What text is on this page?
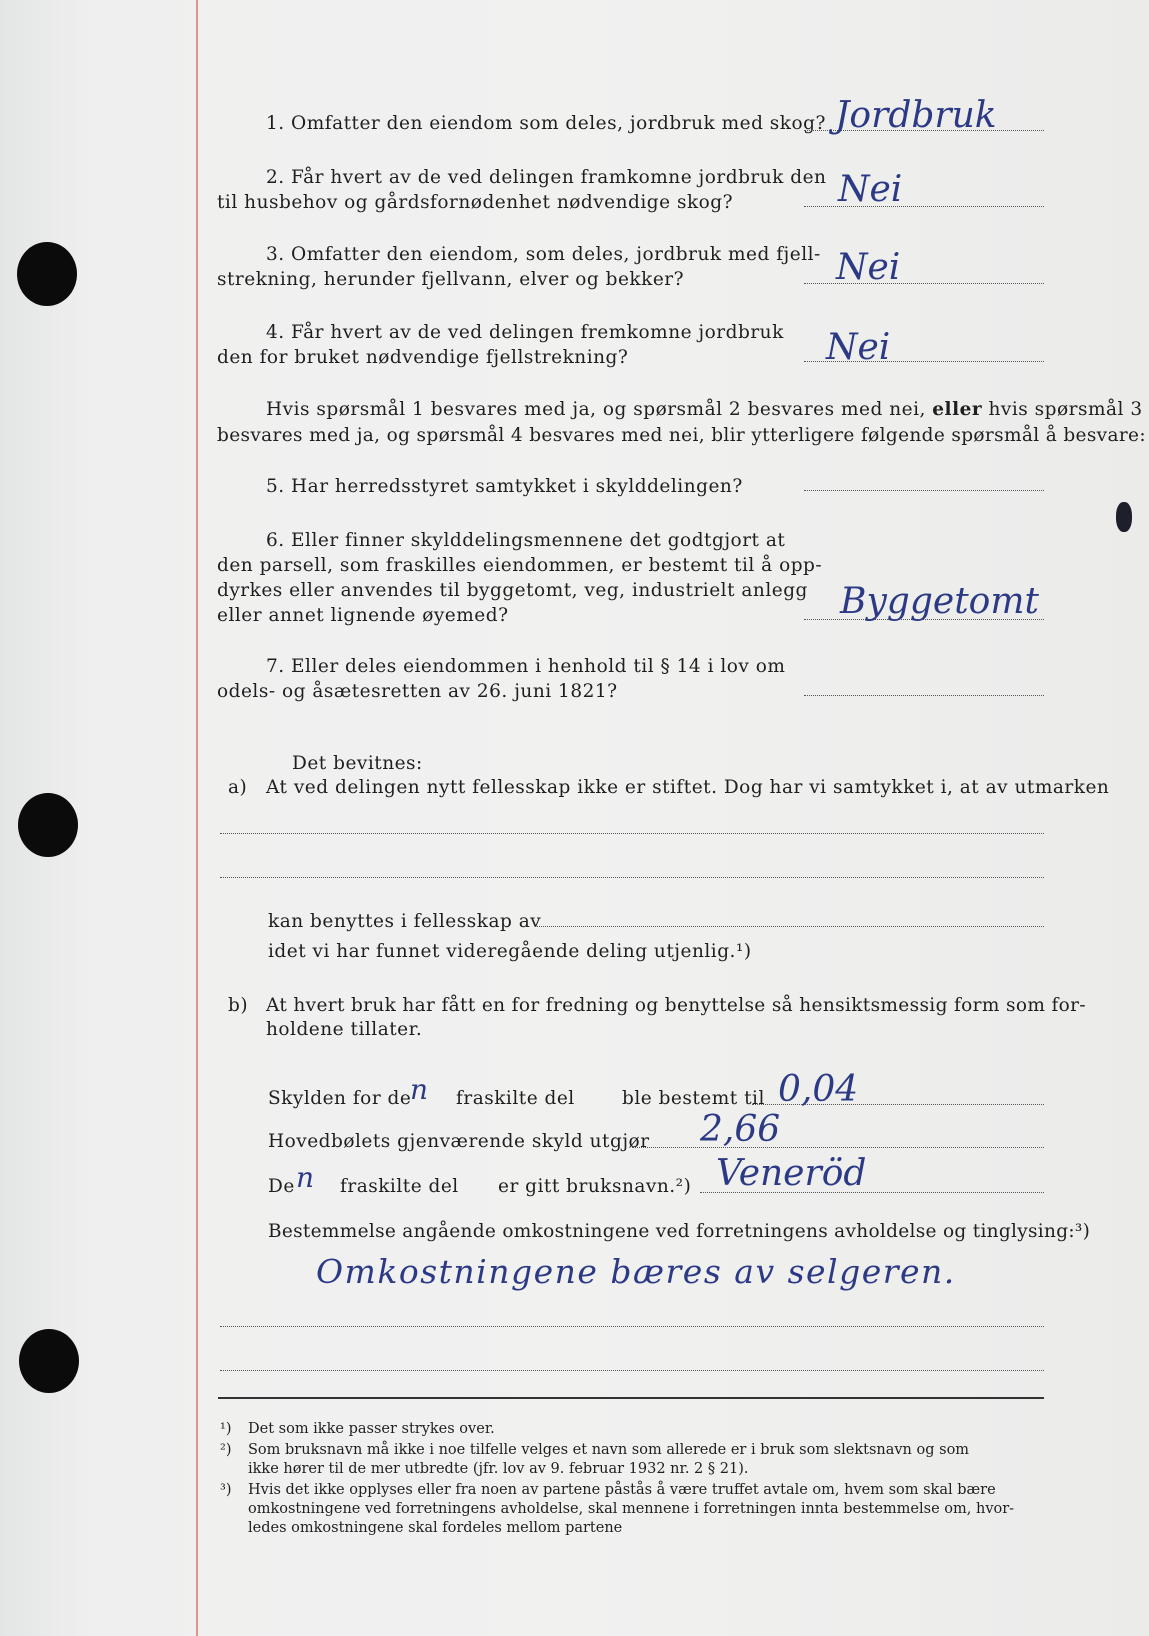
1. Omfatter den eiendom som deles, jordbruk med skog? Jordbruk
2. Får hvert av de ved delingen framkomne jordbruk den
til husbehov og gårdsfornødenhet nødvendige skog?	Nei
3. Omfatter den eiendom, som deles, jordbruk med fjell-
strekning, herunder fjellvann, elver og bekker?	Nei
4. Får hvert av de ved delingen fremkomne jordbruk
den for bruket nødvendige fjellstrekning?	Nei
Hvis spørsmål 1 besvares med ja, og spørsmål 2 besvares med nei, eller hvis spørsmål 3
besvares med ja, og spørsmål 4 besvares med nei, blir ytterligere følgende spørsmål å besvare:
5. Har herredsstyret samtykket i skylddelingen?
6. Eller finner skylddelingsmennene det godtgjort at
den parsell, som fraskilles eiendommen, er bestemt til å opp-
dyrkes eller anvendes til byggetomt, veg, industrielt anlegg
eller annet lignende øyemed?	Byggetomt
7. Eller deles eiendommen i henhold til § 14 i lov om
odels- og åsætesretten av 26. juni 1821?
Det bevitnes:
a) At ved delingen nytt fellesskap ikke er stiftet. Dog har vi samtykket i, at av utmarken
kan benyttes i fellesskap av
idet vi har funnet videregående deling utjenlig.¹)
b) At hvert bruk har fått en for fredning og benyttelse så hensiktsmessig form som for-
holdene tillater.
Skylden for de
n fraskilte del	ble bestemt til 0,04
Hovedbølets gjenværende skyld utgjør 2,66
De n fraskilte del er gitt bruksnavn.²) Veneröd
Bestemmelse angående omkostningene ved forretningens avholdelse og tinglysing:³)
Omkostningene bæres av selgeren.
¹) Det som ikke passer strykes over.
²) Som bruksnavn må ikke i noe tilfelle velges et navn som allerede er i bruk som slektsnavn og som
ikke hører til de mer utbredte (jfr. lov av 9. februar 1932 nr. 2 § 21).
³) Hvis det ikke opplyses eller fra noen av partene påstås å være truffet avtale om, hvem som skal bære
omkostningene ved forretningens avholdelse, skal mennene i forretningen innta bestemmelse om, hvor-
ledes omkostningene skal fordeles mellom partene
